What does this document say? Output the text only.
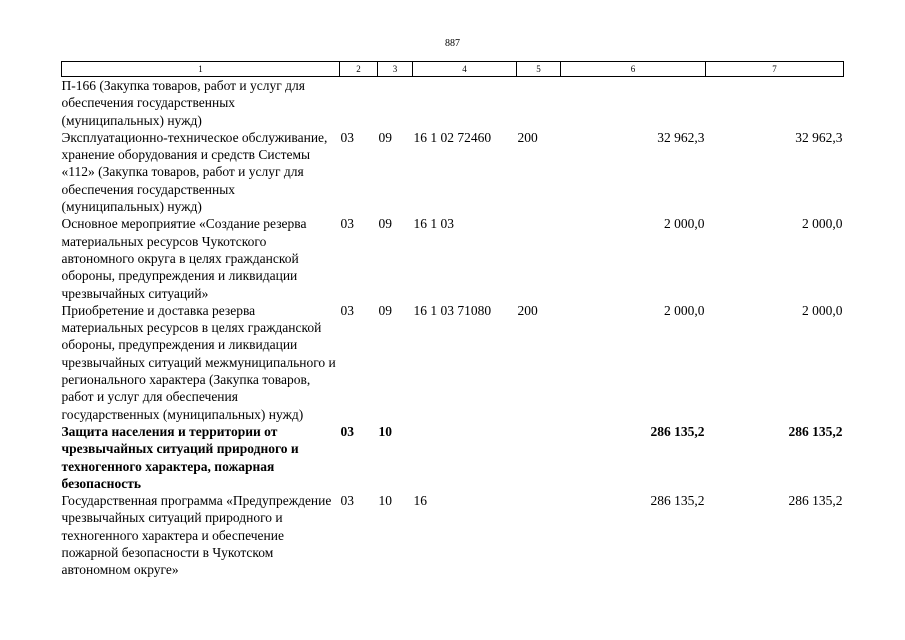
887
1	2	3	4	5	6	7
П-166 (Закупка товаров, работ и услуг для обеспечения государственных (муниципальных) нужд)						
Эксплуатационно-техническое обслуживание, хранение оборудования и средств Системы «112» (Закупка товаров, работ и услуг для обеспечения государственных (муниципальных) нужд)	03	09	16 1 02 72460	200	32 962,3	32 962,3
Основное мероприятие «Создание резерва материальных ресурсов Чукотского автономного округа в целях гражданской обороны, предупреждения и ликвидации чрезвычайных ситуаций»	03	09	16 1 03		2 000,0	2 000,0
Приобретение и доставка резерва материальных ресурсов в целях гражданской обороны, предупреждения и ликвидации чрезвычайных ситуаций межмуниципального и регионального характера (Закупка товаров, работ и услуг для обеспечения государственных (муниципальных) нужд)	03	09	16 1 03 71080	200	2 000,0	2 000,0
Защита населения и территории от чрезвычайных ситуаций природного и техногенного характера, пожарная безопасность	03	10			286 135,2	286 135,2
Государственная программа «Предупреждение чрезвычайных ситуаций природного и техногенного характера и обеспечение пожарной безопасности в Чукотском автономном округе»	03	10	16		286 135,2	286 135,2
